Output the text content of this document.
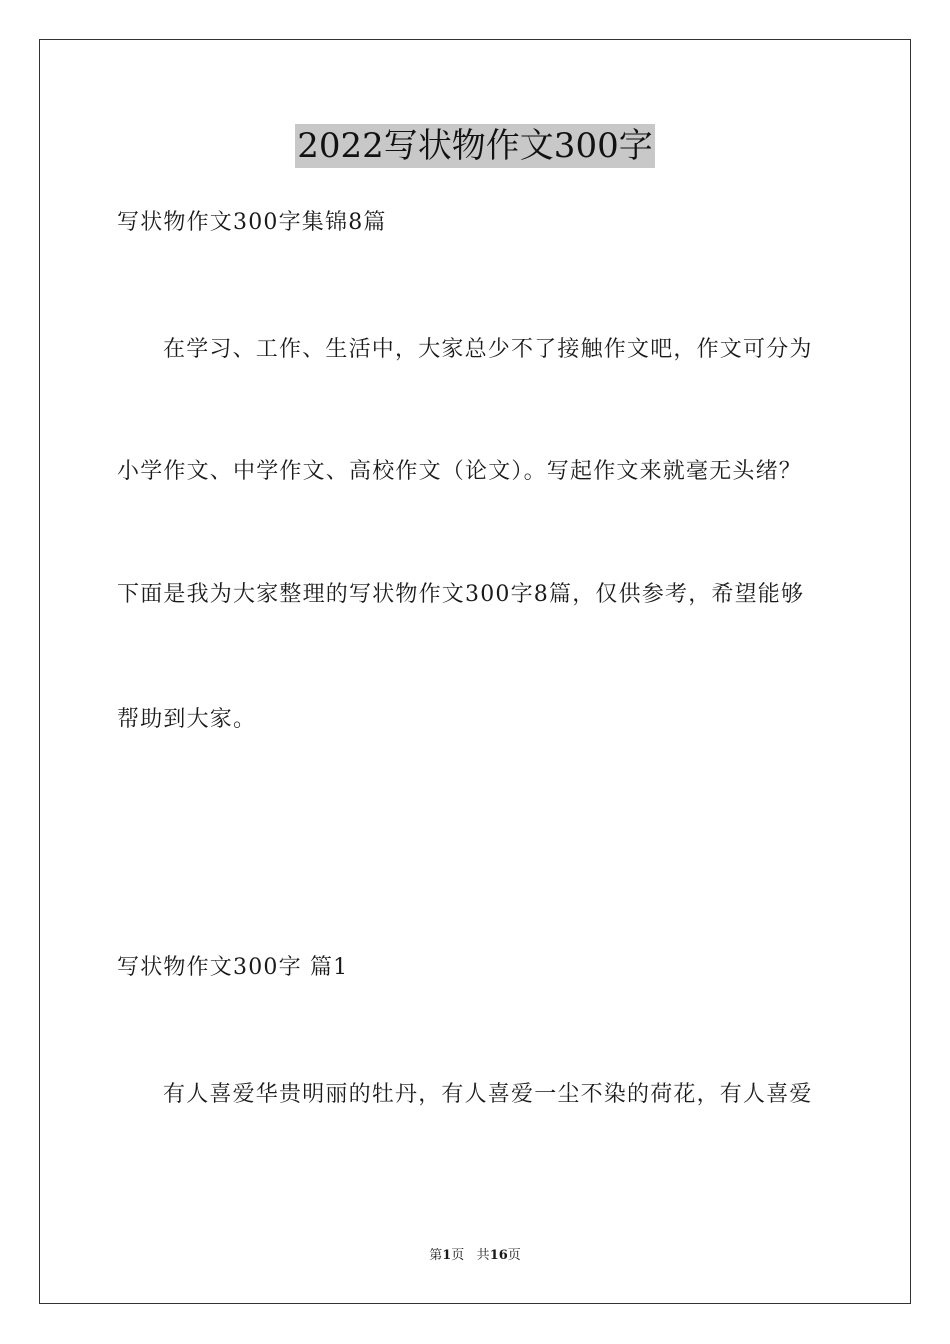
2022写状物作文300字
写状物作文300字集锦8篇
在学习、工作、生活中，大家总少不了接触作文吧，作文可分为
小学作文、中学作文、高校作文（论文）。写起作文来就毫无头绪？
下面是我为大家整理的写状物作文300字8篇，仅供参考，希望能够
帮助到大家。
写状物作文300字 篇1
有人喜爱华贵明丽的牡丹，有人喜爱一尘不染的荷花，有人喜爱
第1页 共16页
